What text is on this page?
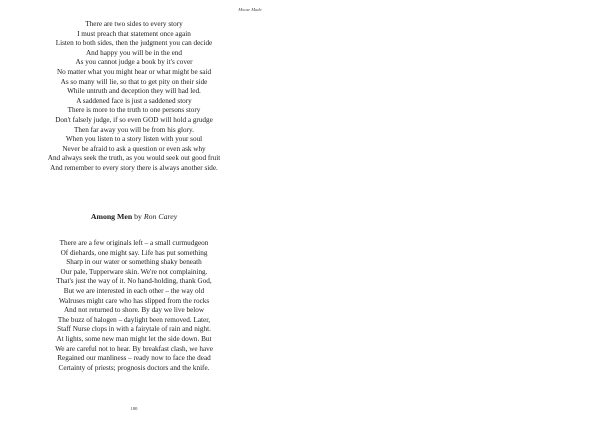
Moose Made
There are two sides to every story
I must preach that statement once again
Listen to both sides, then the judgment you can decide
And happy you will be in the end
As you cannot judge a book by it's cover
No matter what you might hear or what might be said
As so many will lie, so that to get pity on their side
While untruth and deception they will had led.
A saddened face is just a saddened story
There is more to the truth to one persons story
Don't falsely judge, if so even GOD will hold a grudge
Then far away you will be from his glory.
When you listen to a story listen with your soul
Never be afraid to ask a question or even ask why
And always seek the truth, as you would seek out good fruit
And remember to every story there is always another side.
Among Men by Ron Carey
There are a few originals left – a small curmudgeon
Of diehards, one might say. Life has put something
Sharp in our water or something shaky beneath
Our pale, Tupperware skin. We're not complaining.
That's just the way of it. No hand-holding, thank God,
But we are interested in each other – the way old
Walruses might care who has slipped from the rocks
And not returned to shore. By day we live below
The buzz of halogen – daylight been removed. Later,
Staff Nurse clops in with a fairytale of rain and night.
At lights, some new man might let the side down. But
We are careful not to hear. By breakfast clash, we have
Regained our manliness – ready now to face the dead
Certainty of priests; prognosis doctors and the knife.
180
